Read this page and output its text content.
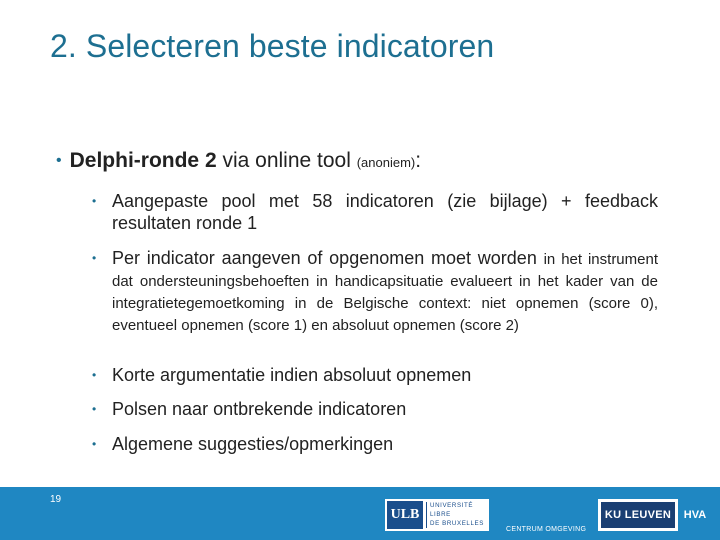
2. Selecteren beste indicatoren
• Delphi-ronde 2 via online tool (anoniem):
• Aangepaste pool met 58 indicatoren (zie bijlage) + feedback resultaten ronde 1
• Per indicator aangeven of opgenomen moet worden in het instrument dat ondersteuningsbehoeften in handicapsituatie evalueert in het kader van de integratietegemoetkoming in de Belgische context: niet opnemen (score 0), eventueel opnemen (score 1) en absoluut opnemen (score 2)
• Korte argumentatie indien absoluut opnemen
• Polsen naar ontbrekende indicatoren
• Algemene suggesties/opmerkingen
19
ULB
UNIVERSITÉ
LIBRE
DE BRUXELLES
CENTRUM OMGEVING
KU LEUVEN	HVA
